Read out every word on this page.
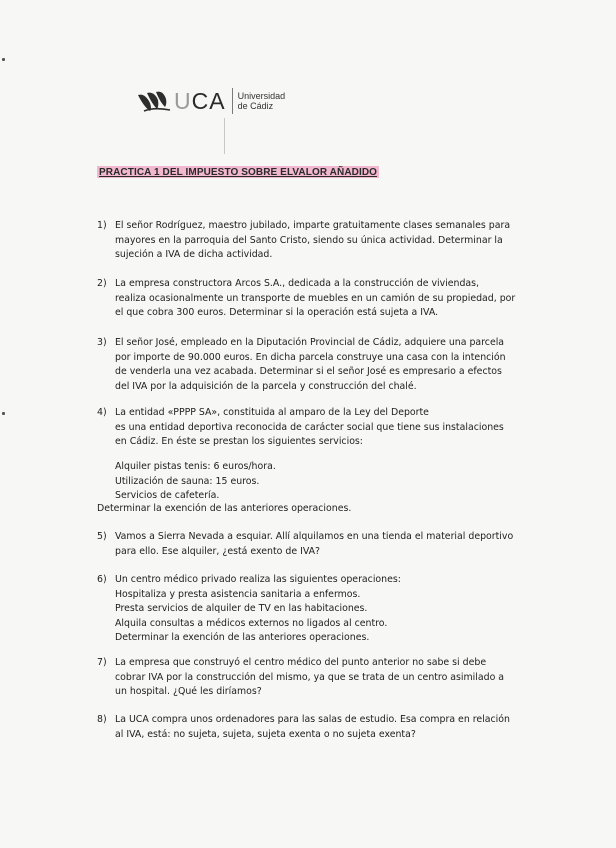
UCA Universidad
de Cádiz
PRACTICA 1 DEL IMPUESTO SOBRE ELVALOR AÑADIDO
1) El señor Rodríguez, maestro jubilado, imparte gratuitamente clases semanales para
mayores en la parroquia del Santo Cristo, siendo su única actividad. Determinar la
sujeción a IVA de dicha actividad.
2) La empresa constructora Arcos S.A., dedicada a la construcción de viviendas,
realiza ocasionalmente un transporte de muebles en un camión de su propiedad, por
el que cobra 300 euros. Determinar si la operación está sujeta a IVA.
3) El señor José, empleado en la Diputación Provincial de Cádiz, adquiere una parcela
por importe de 90.000 euros. En dicha parcela construye una casa con la intención
de venderla una vez acabada. Determinar si el señor José es empresario a efectos
del IVA por la adquisición de la parcela y construcción del chalé.
4) La entidad «PPPP SA», constituida al amparo de la Ley del Deporte
es una entidad deportiva reconocida de carácter social que tiene sus instalaciones
en Cádiz. En éste se prestan los siguientes servicios:
Alquiler pistas tenis: 6 euros/hora.
Utilización de sauna: 15 euros.
Servicios de cafetería.
Determinar la exención de las anteriores operaciones.
5) Vamos a Sierra Nevada a esquiar. Allí alquilamos en una tienda el material deportivo
para ello. Ese alquiler, ¿está exento de IVA?
6) Un centro médico privado realiza las siguientes operaciones:
Hospitaliza y presta asistencia sanitaria a enfermos.
Presta servicios de alquiler de TV en las habitaciones.
Alquila consultas a médicos externos no ligados al centro.
Determinar la exención de las anteriores operaciones.
7) La empresa que construyó el centro médico del punto anterior no sabe si debe
cobrar IVA por la construcción del mismo, ya que se trata de un centro asimilado a
un hospital. ¿Qué les diríamos?
8) La UCA compra unos ordenadores para las salas de estudio. Esa compra en relación
al IVA, está: no sujeta, sujeta, sujeta exenta o no sujeta exenta?
